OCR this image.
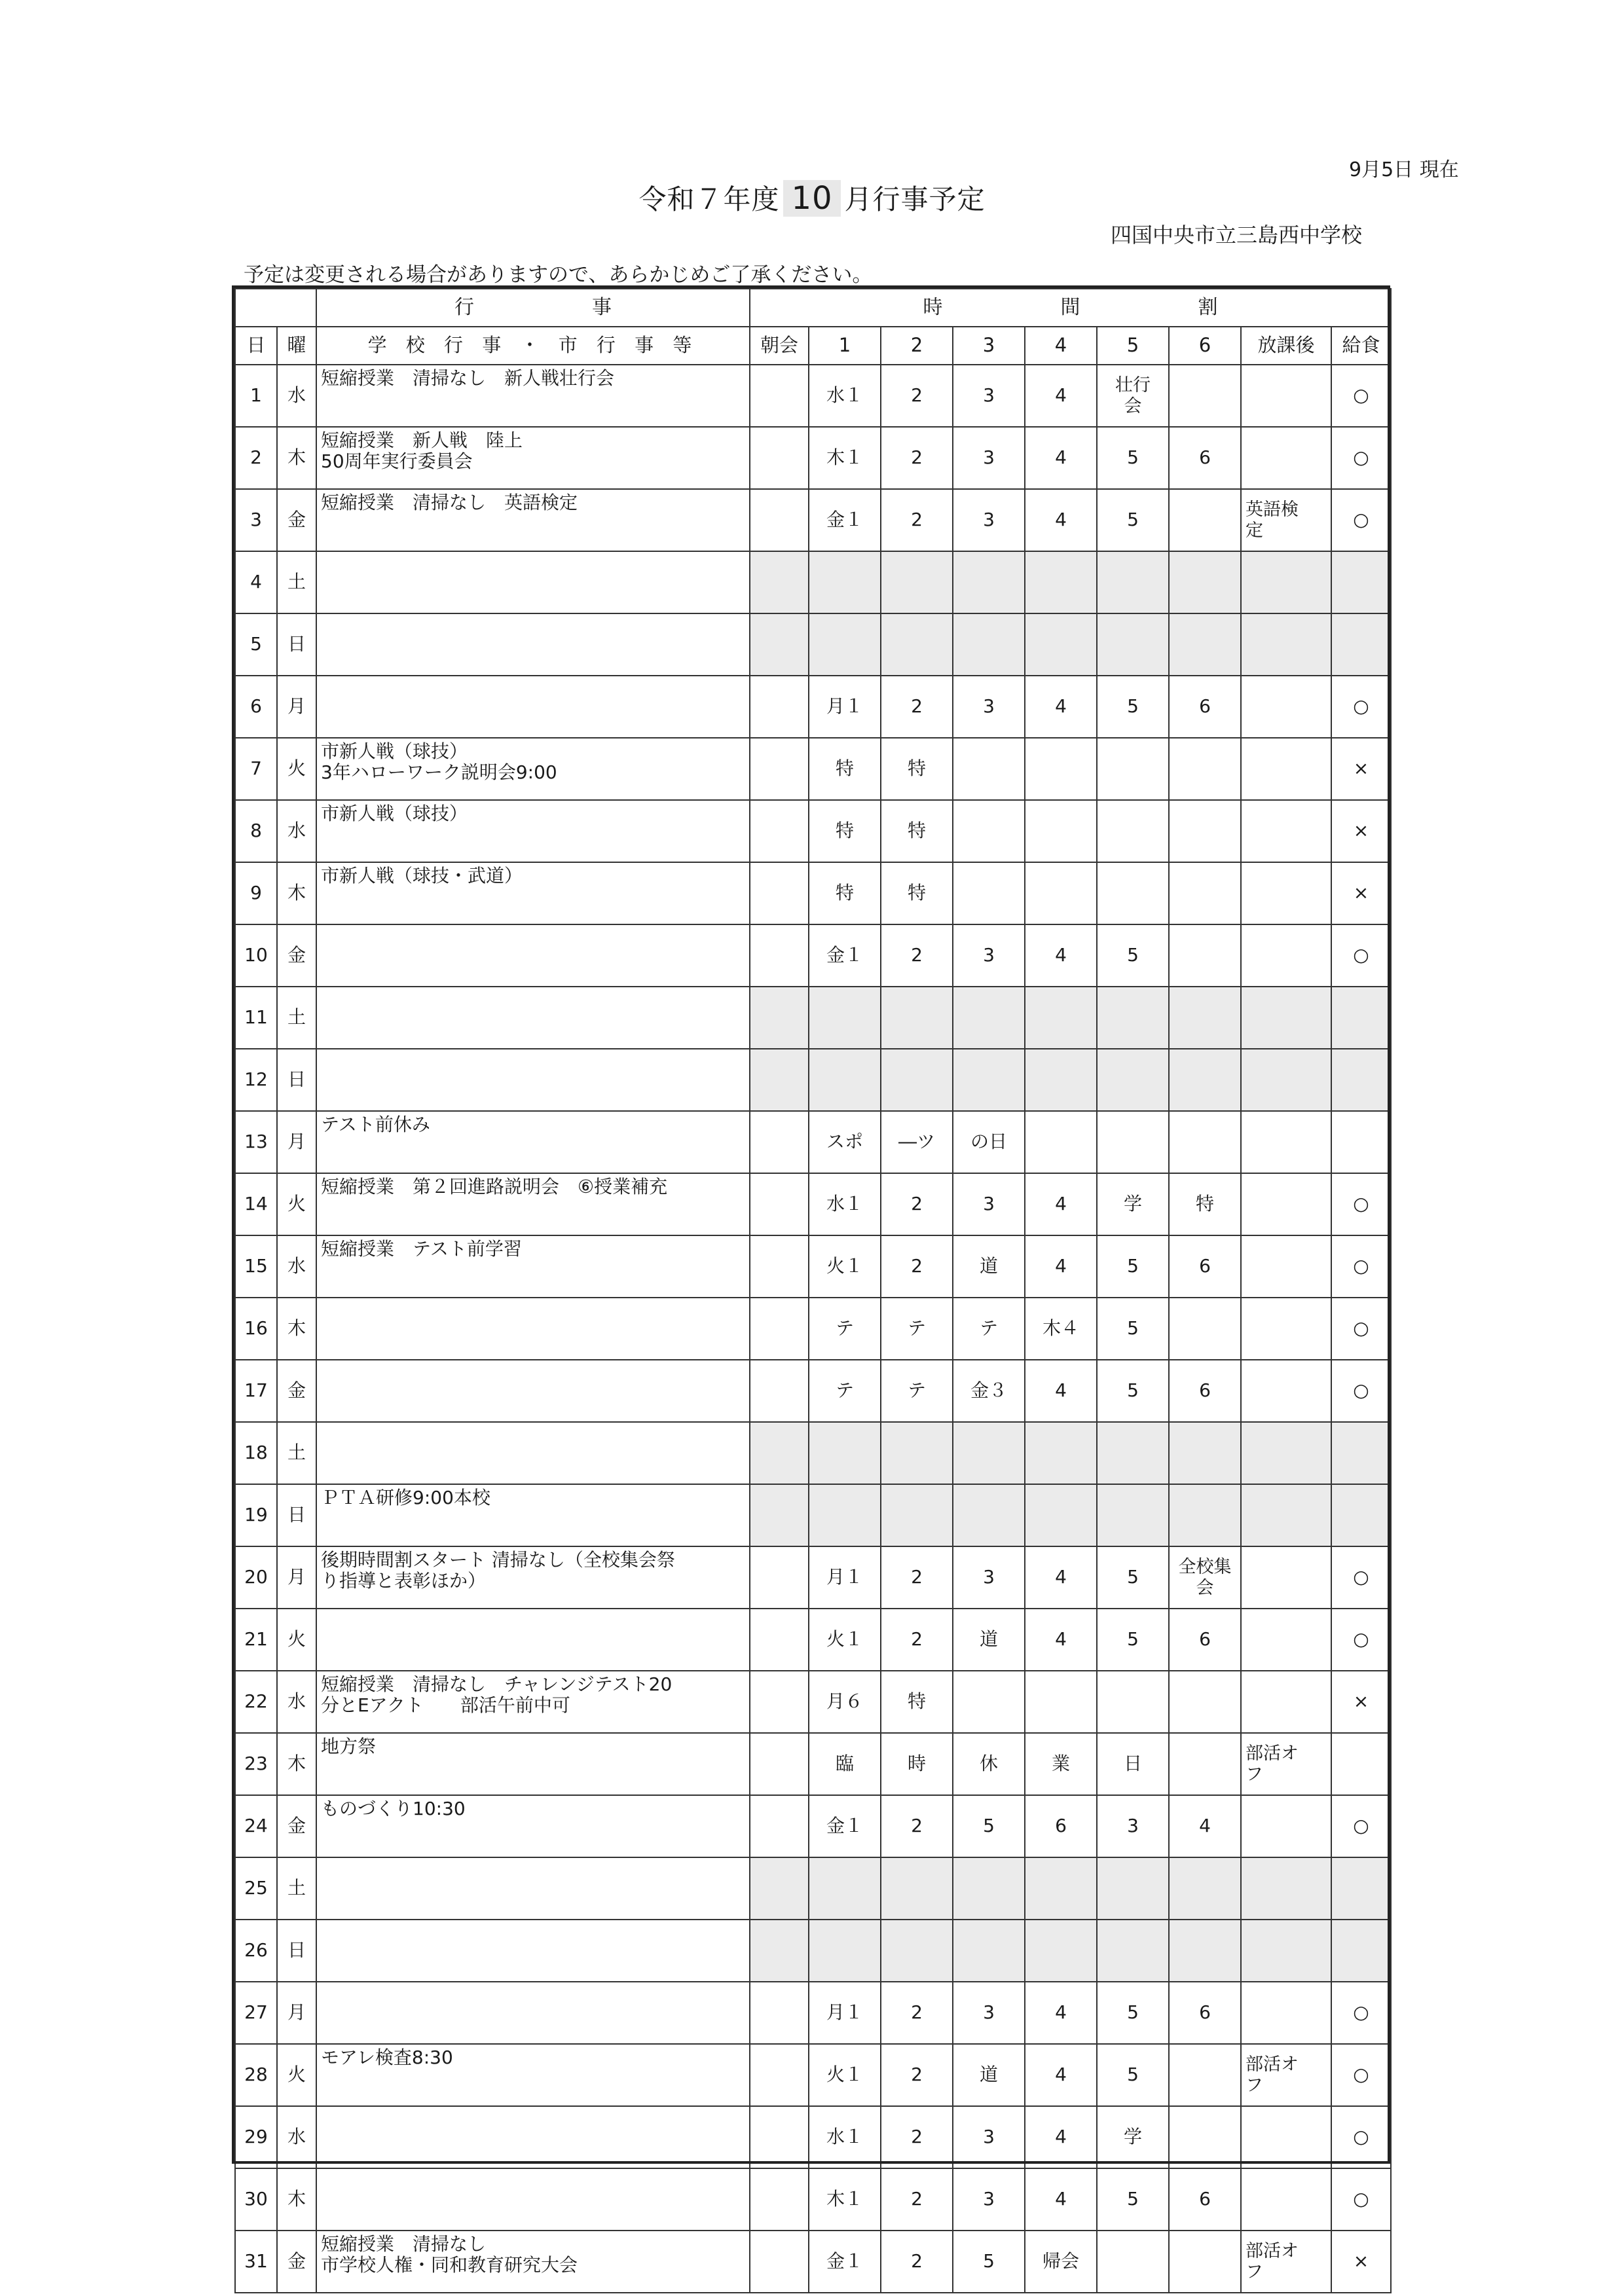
9月5日 現在
令和７年度 10 月行事予定
四国中央市立三島西中学校
予定は変更される場合がありますので、あらかじめご了承ください。
		行 事	時 間 割								
日	曜	学 校 行 事 ・ 市 行 事 等	朝会	1	2	3	4	5	6	放課後	給食
1	水	短縮授業　清掃なし　新人戦壮行会		水１	2	3	4	壮行
会			○
2	木	短縮授業　新人戦　陸上
50周年実行委員会		木１	2	3	4	5	6		○
3	金	短縮授業　清掃なし　英語検定		金１	2	3	4	5		英語検
定	○
4	土										
5	日										
6	月			月１	2	3	4	5	6		○
7	火	市新人戦（球技）
3年ハローワーク説明会9:00		特	特						×
8	水	市新人戦（球技）		特	特						×
9	木	市新人戦（球技・武道）		特	特						×
10	金			金１	2	3	4	5			○
11	土										
12	日										
13	月	テスト前休み		スポ	―ツ	の日					
14	火	短縮授業　第２回進路説明会　⑥授業補充		水１	2	3	4	学	特		○
15	水	短縮授業　テスト前学習		火１	2	道	4	5	6		○
16	木			テ	テ	テ	木４	5			○
17	金			テ	テ	金３	4	5	6		○
18	土										
19	日	ＰＴＡ研修9:00本校									
20	月	後期時間割スタート 清掃なし（全校集会祭
り指導と表彰ほか）		月１	2	3	4	5	全校集
会		○
21	火			火１	2	道	4	5	6		○
22	水	短縮授業　清掃なし　チャレンジテスト20
分とEアクト　　部活午前中可		月６	特						×
23	木	地方祭		臨	時	休	業	日		部活オ
フ	
24	金	ものづくり10:30		金１	2	5	6	3	4		○
25	土										
26	日										
27	月			月１	2	3	4	5	6		○
28	火	モアレ検査8:30		火１	2	道	4	5		部活オ
フ	○
29	水			水１	2	3	4	学			○
30	木			木１	2	3	4	5	6		○
31	金	短縮授業　清掃なし
市学校人権・同和教育研究大会		金１	2	5	帰会			部活オ
フ	×
